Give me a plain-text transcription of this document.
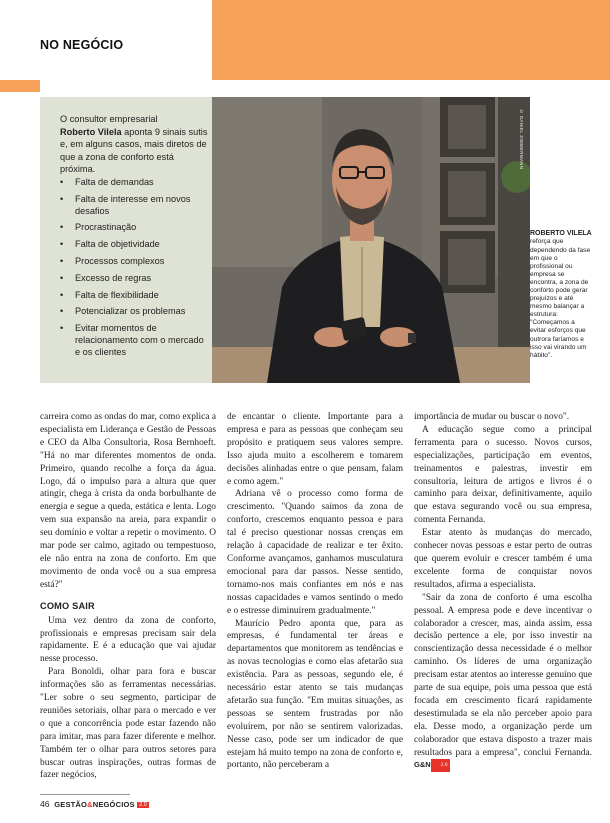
NO NEGÓCIO
O consultor empresarial
Roberto Vilela aponta 9 sinais sutis e, em alguns casos, mais diretos de que a zona de conforto está próxima.
• Falta de demandas
• Falta de interesse em novos desafios
• Procrastinação
• Falta de objetividade
• Processos complexos
• Excesso de regras
• Falta de flexibilidade
• Potencializar os problemas
• Evitar momentos de relacionamento com o mercado e os clientes
© DANIEL ZIMMERMANN
ROBERTO VILELA
reforça que dependendo da fase em que o profissional ou empresa se encontra, a zona de conforto pode gerar prejuízos e até mesmo balançar a estrutura: "Começamos a evitar esforços que outrora faríamos e isso vai virando um hábito".

carreira como as ondas do mar, como explica a especialista em Liderança e Gestão de Pessoas e CEO da Alba Consultoria, Rosa Bernhoeft. "Há no mar diferentes momentos de onda. Primeiro, quando recolhe a força da água. Logo, dá o impulso para a altura que quer atingir, chega à crista da onda borbulhante de energia e segue a queda, estática e lenta. Logo vem sua expansão na areia, para expandir o seu domínio e voltar a repetir o movimento. O mar pode ser calmo, agitado ou tempestuoso, ele não entra na zona de conforto. Em que movimento de onda você ou a sua empresa está?"

COMO SAIR

Uma vez dentro da zona de conforto, profissionais e empresas precisam sair dela rapidamente. E é a educação que vai ajudar nesse processo.

Para Bonoldi, olhar para fora e buscar informações são as ferramentas necessárias. "Ler sobre o seu segmento, participar de reuniões setoriais, olhar para o mercado e ver o que a concorrência pode estar fazendo não para imitar, mas para fazer diferente e melhor. Também ter o olhar para outros setores para buscar outras inspirações, outras formas de fazer negócios,

de encantar o cliente. Importante para a empresa e para as pessoas que conheçam seu propósito e pratiquem seus valores sempre. Isso ajuda muito a escolherem e tomarem decisões alinhadas entre o que pensam, falam e como agem."

Adriana vê o processo como forma de crescimento. "Quando saímos da zona de conforto, crescemos enquanto pessoa e para tal é preciso questionar nossas crenças em relação à capacidade de realizar e ter êxito. Conforme avançamos, ganhamos musculatura emocional para dar passos. Nesse sentido, tornamo-nos mais confiantes em nós e nas nossas capacidades e vamos sentindo o medo e o estresse diminuírem gradualmente."

Maurício Pedro aponta que, para as empresas, é fundamental ter áreas e departamentos que monitorem as tendências e as novas tecnologias e como elas afetarão sua existência. Para as pessoas, segundo ele, é necessário estar atento se tais mudanças afetarão sua função. "Em muitas situações, as pessoas se sentem frustradas por não evoluírem, por não se sentirem valorizadas. Nesse caso, pode ser um indicador de que estejam há muito tempo na zona de conforto e, portanto, não perceberam a

importância de mudar ou buscar o novo".

A educação segue como a principal ferramenta para o sucesso. Novos cursos, especializações, participação em eventos, treinamentos e palestras, investir em consultoria, leitura de artigos e livros é o caminho para deixar, definitivamente, aquilo que estava segurando você ou sua empresa, comenta Fernanda.

Estar atento às mudanças do mercado, conhecer novas pessoas e estar perto de outras que querem evoluir e crescer também é uma excelente forma de conquistar novos resultados, afirma a especialista.

"Sair da zona de conforto é uma escolha pessoal. A empresa pode e deve incentivar o colaborador a crescer, mas, ainda assim, essa decisão pertence a ele, por isso investir na conscientização dessa necessidade é o melhor caminho. Os líderes de uma organização precisam estar atentos ao interesse genuíno que parte de sua equipe, pois uma pessoa que está focada em crescimento ficará rapidamente desestimulada se ela não perceber apoio para ela. Desse modo, a organização perde um colaborador que estava disposto a trazer mais resultados para a empresa", conclui Fernanda. G&N 2.0

46 GESTÃO&NEGÓCIOS 2.0
